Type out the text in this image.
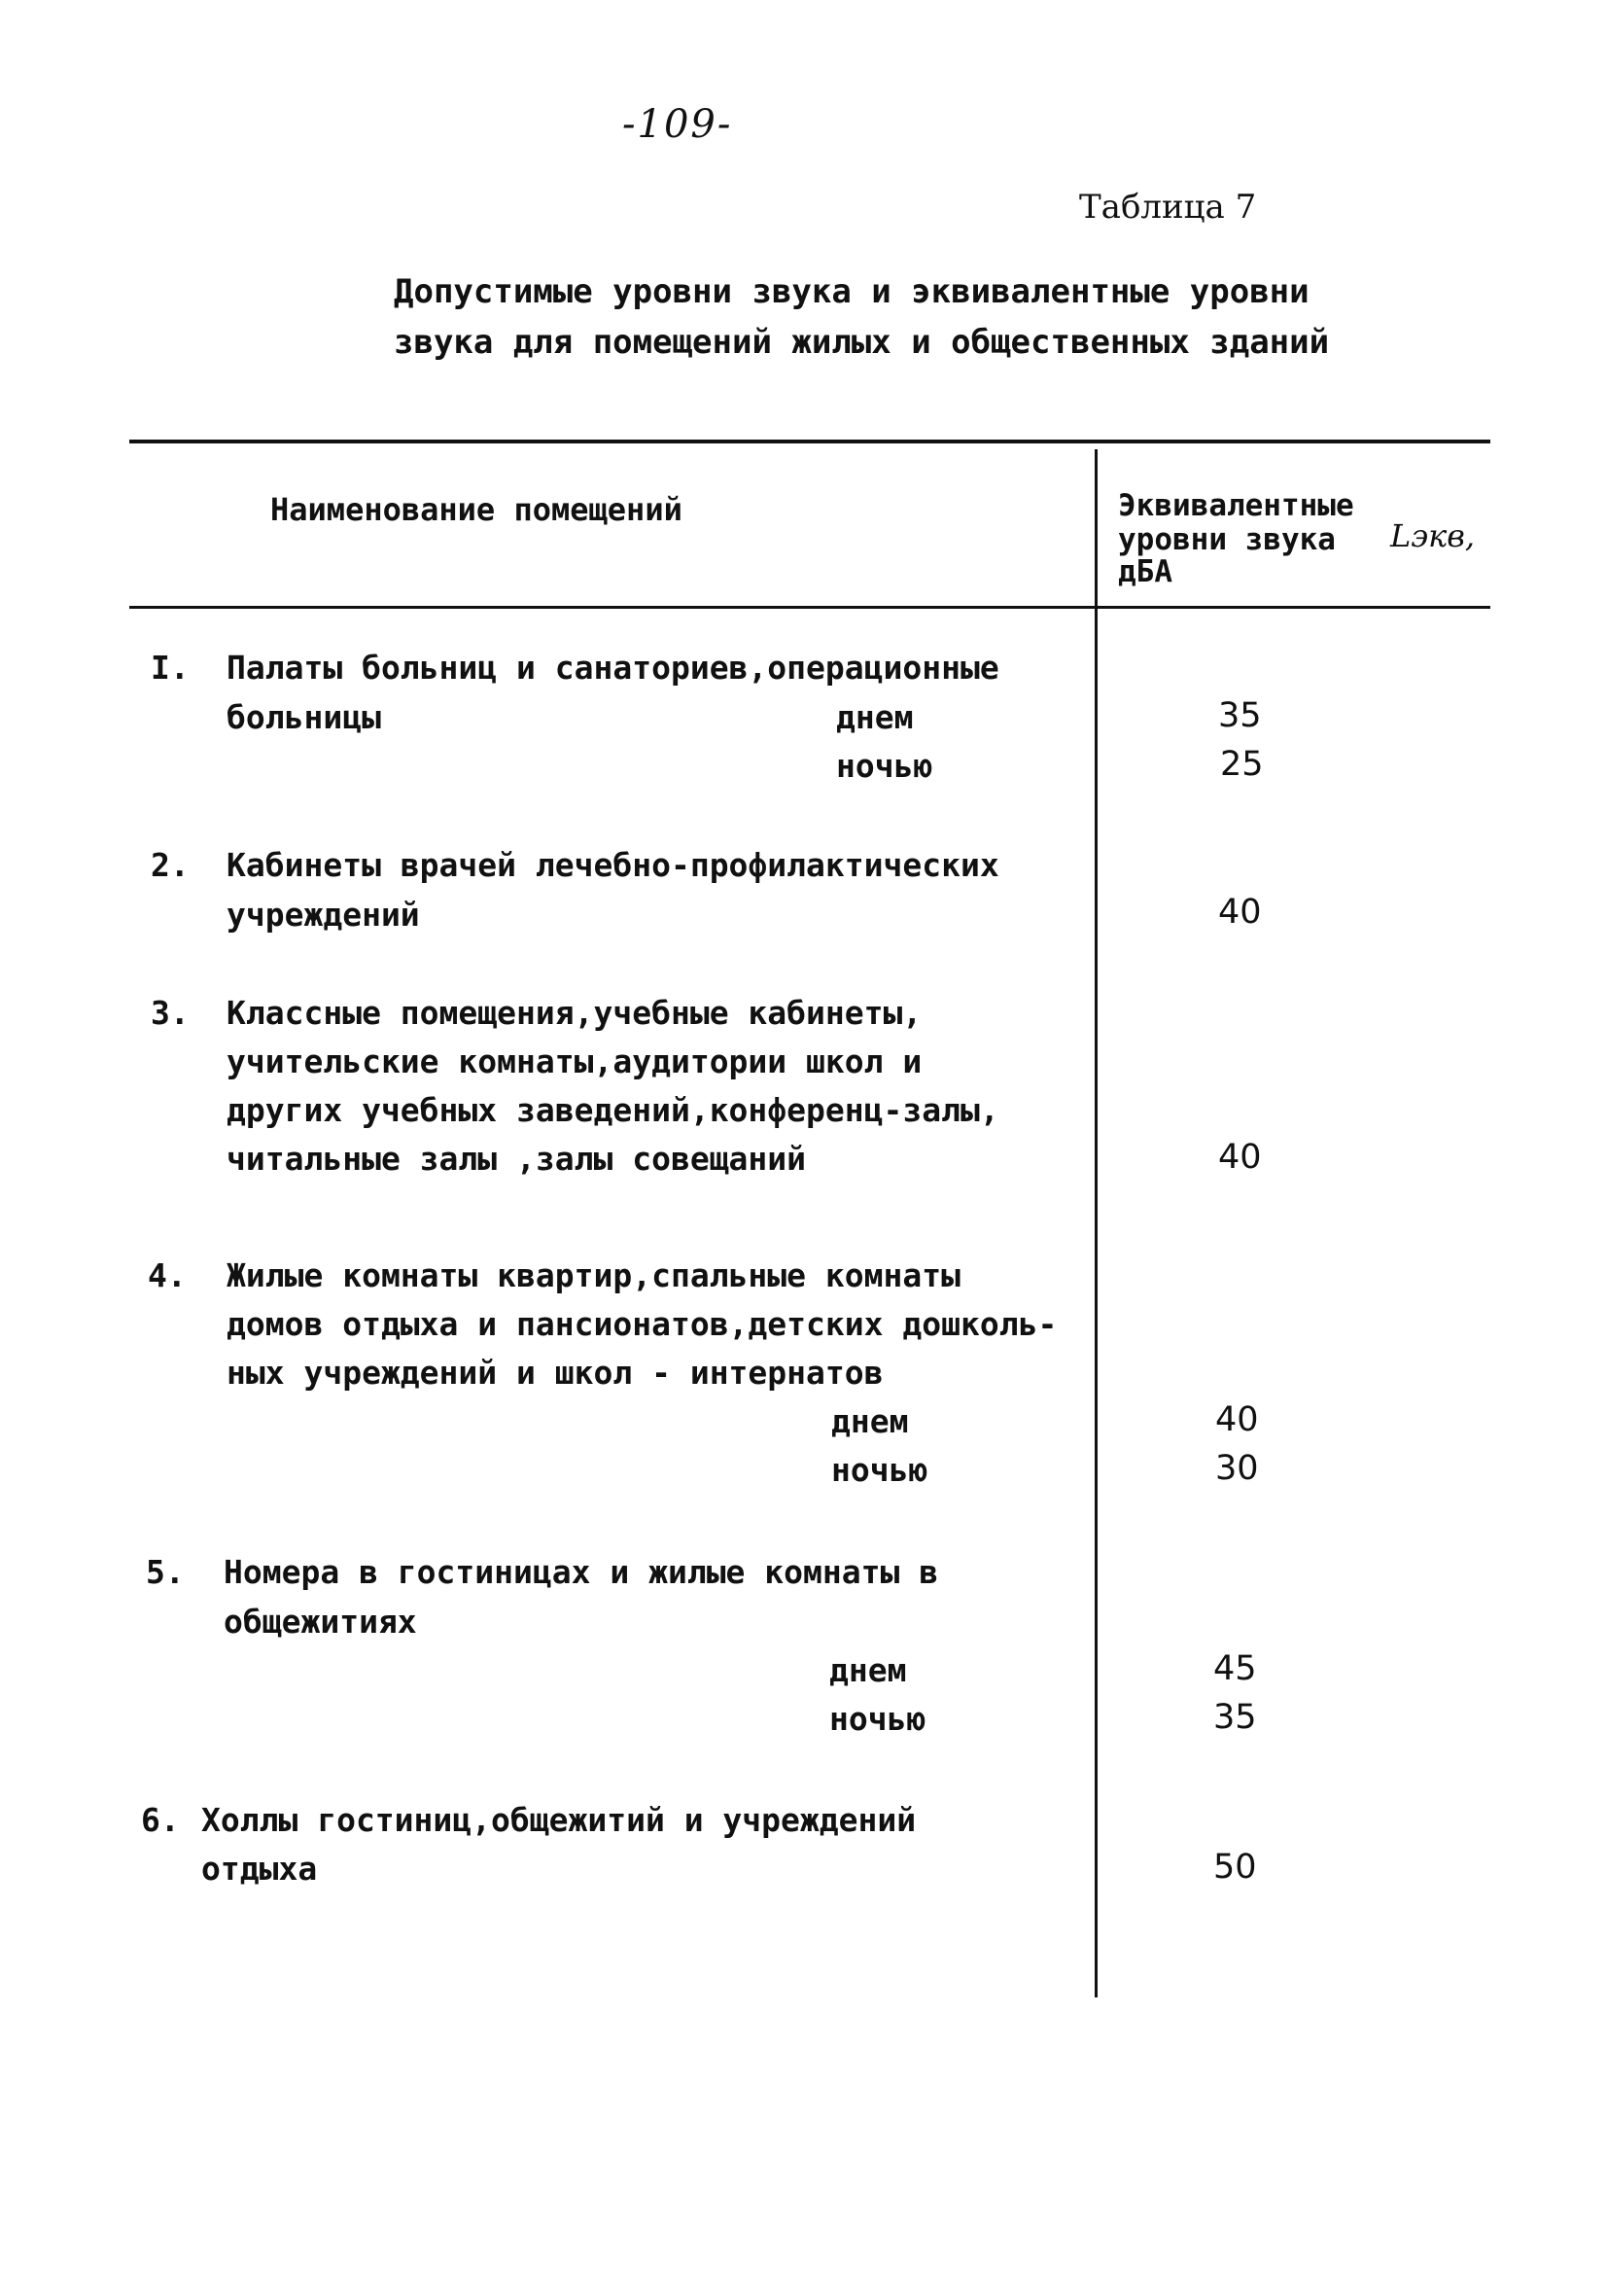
-109-
Таблица 7
Допустимые уровни звука и эквивалентные уровни
звука для помещений жилых и общественных зданий
Наименование помещений	Эквивалентные
уровни звука
дБА
Lэкв,
I. Палаты больниц и санаториев,операционные
больницы	днем	35
ночью	25
2. Кабинеты врачей лечебно-профилактических
учреждений	40
3. Классные помещения,учебные кабинеты,
учительские комнаты,аудитории школ и
других учебных заведений,конференц-залы,
читальные залы ,залы совещаний	40
4. Жилые комнаты квартир,спальные комнаты
домов отдыха и пансионатов,детских дошколь-
ных учреждений и школ - интернатов
днем	40
ночью	30
5. Номера в гостиницах и жилые комнаты в
общежитиях
днем	45
ночью	35
6. Холлы гостиниц,общежитий и учреждений
отдыха	50
